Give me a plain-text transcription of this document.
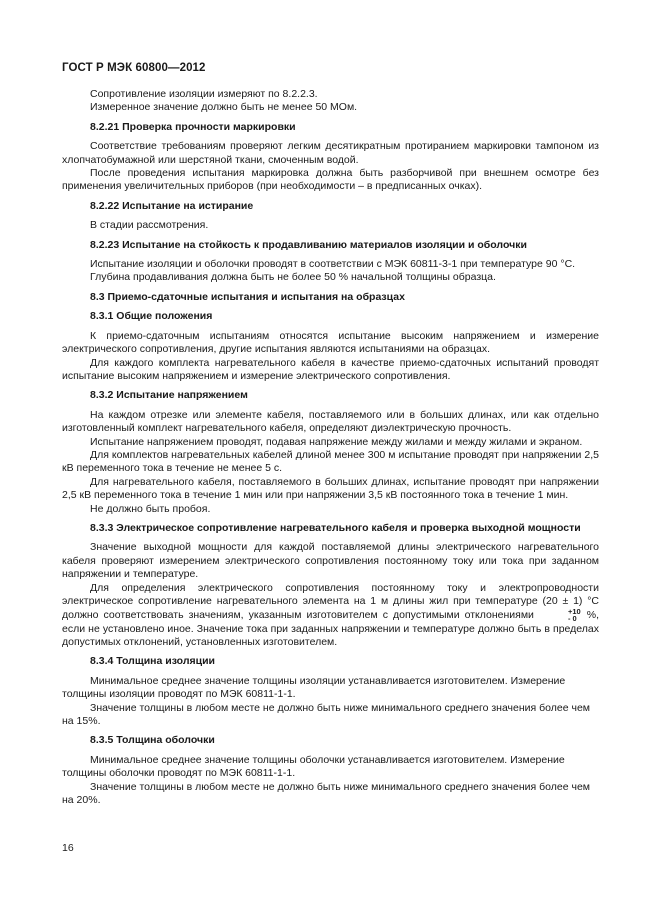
ГОСТ Р МЭК 60800—2012

Сопротивление изоляции измеряют по 8.2.2.3.

Измеренное значение должно быть не менее 50 МОм.

8.2.21 Проверка прочности маркировки

Соответствие требованиям проверяют легким десятикратным протиранием маркировки тампоном из хлопчатобумажной или шерстяной ткани, смоченным водой.

После проведения испытания маркировка должна быть разборчивой при внешнем осмотре без применения увеличительных приборов (при необходимости – в предписанных очках).

8.2.22 Испытание на истирание

В стадии рассмотрения.

8.2.23 Испытание на стойкость к продавливанию материалов изоляции и оболочки

Испытание изоляции и оболочки проводят в соответствии с МЭК 60811-3-1 при температуре 90 °С.

Глубина продавливания должна быть не более 50 % начальной толщины образца.

8.3 Приемо-сдаточные испытания и испытания на образцах

8.3.1 Общие положения

К приемо-сдаточным испытаниям относятся испытание высоким напряжением и измерение электрического сопротивления, другие испытания являются испытаниями на образцах.

Для каждого комплекта нагревательного кабеля в качестве приемо-сдаточных испытаний проводят испытание высоким напряжением и измерение электрического сопротивления.

8.3.2 Испытание напряжением

На каждом отрезке или элементе кабеля, поставляемого или в больших длинах, или как отдельно изготовленный комплект нагревательного кабеля, определяют диэлектрическую прочность.

Испытание напряжением проводят, подавая напряжение между жилами и между жилами и экраном.

Для комплектов нагревательных кабелей длиной менее 300 м испытание проводят при напряжении 2,5 кВ переменного тока в течение не менее 5 с.

Для нагревательного кабеля, поставляемого в больших длинах, испытание проводят при напряжении 2,5 кВ переменного тока в течение 1 мин или при напряжении 3,5 кВ постоянного тока в течение 1 мин.

Не должно быть пробоя.

8.3.3 Электрическое сопротивление нагревательного кабеля и проверка выходной мощности

Значение выходной мощности для каждой поставляемой длины электрического нагревательного кабеля проверяют измерением электрического сопротивления постоянному току или тока при заданном напряжении и температуре.

Для определения электрического сопротивления постоянному току и электропроводности электрическое сопротивление нагревательного элемента на 1 м длины жил при температуре (20 ± 1) °С должно соответствовать значениям, указанным изготовителем с допустимыми отклонениями	+10
- 0 %, если не установлено иное. Значение тока при заданных напряжении и температуре должно быть в пределах допустимых отклонений, установленных изготовителем.

8.3.4 Толщина изоляции

Минимальное среднее значение толщины изоляции устанавливается изготовителем. Измерение толщины изоляции проводят по МЭК 60811-1-1.

Значение толщины в любом месте не должно быть ниже минимального среднего значения более чем на 15%.

8.3.5 Толщина оболочки

Минимальное среднее значение толщины оболочки устанавливается изготовителем. Измерение толщины оболочки проводят по МЭК 60811-1-1.

Значение толщины в любом месте не должно быть ниже минимального среднего значения более чем на 20%.

16
